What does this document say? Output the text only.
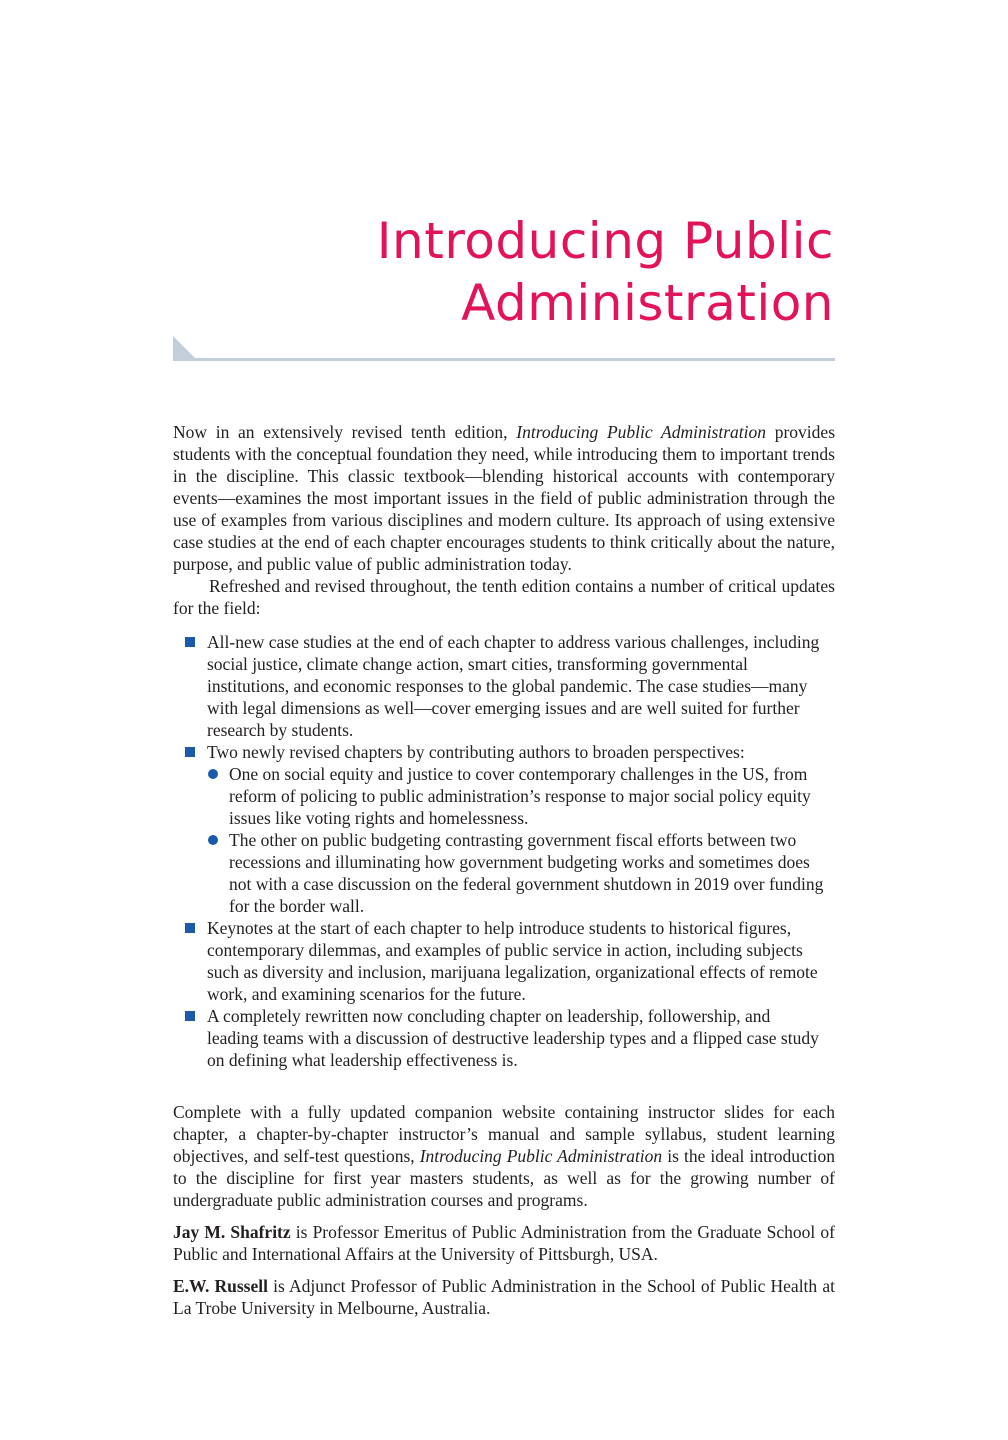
Introducing Public
Administration

Now in an extensively revised tenth edition, Introducing Public Administration provides students with the conceptual foundation they need, while introducing them to important trends in the discipline. This classic textbook—blending historical accounts with contemporary events—examines the most important issues in the field of public administration through the use of examples from various disciplines and modern culture. Its approach of using extensive case studies at the end of each chapter encourages students to think critically about the nature, purpose, and public value of public administration today.

Refreshed and revised throughout, the tenth edition contains a number of critical updates for the field:

All-new case studies at the end of each chapter to address various challenges, including social justice, climate change action, smart cities, transforming governmental institutions, and economic responses to the global pandemic. The case studies—many with legal dimensions as well—cover emerging issues and are well suited for further research by students.
Two newly revised chapters by contributing authors to broaden perspectives:
One on social equity and justice to cover contemporary challenges in the US, from reform of policing to public administration’s response to major social policy equity issues like voting rights and homelessness.
The other on public budgeting contrasting government fiscal efforts between two recessions and illuminating how government budgeting works and sometimes does not with a case discussion on the federal government shutdown in 2019 over funding for the border wall.
Keynotes at the start of each chapter to help introduce students to historical figures, contemporary dilemmas, and examples of public service in action, including subjects such as diversity and inclusion, marijuana legalization, organizational effects of remote work, and examining scenarios for the future.
A completely rewritten now concluding chapter on leadership, followership, and leading teams with a discussion of destructive leadership types and a flipped case study on defining what leadership effectiveness is.

Complete with a fully updated companion website containing instructor slides for each chapter, a chapter-by-chapter instructor’s manual and sample syllabus, student learning objectives, and self-test questions, Introducing Public Administration is the ideal introduction to the discipline for first year masters students, as well as for the growing number of undergraduate public administration courses and programs.

Jay M. Shafritz is Professor Emeritus of Public Administration from the Graduate School of Public and International Affairs at the University of Pittsburgh, USA.

E.W. Russell is Adjunct Professor of Public Administration in the School of Public Health at La Trobe University in Melbourne, Australia.
